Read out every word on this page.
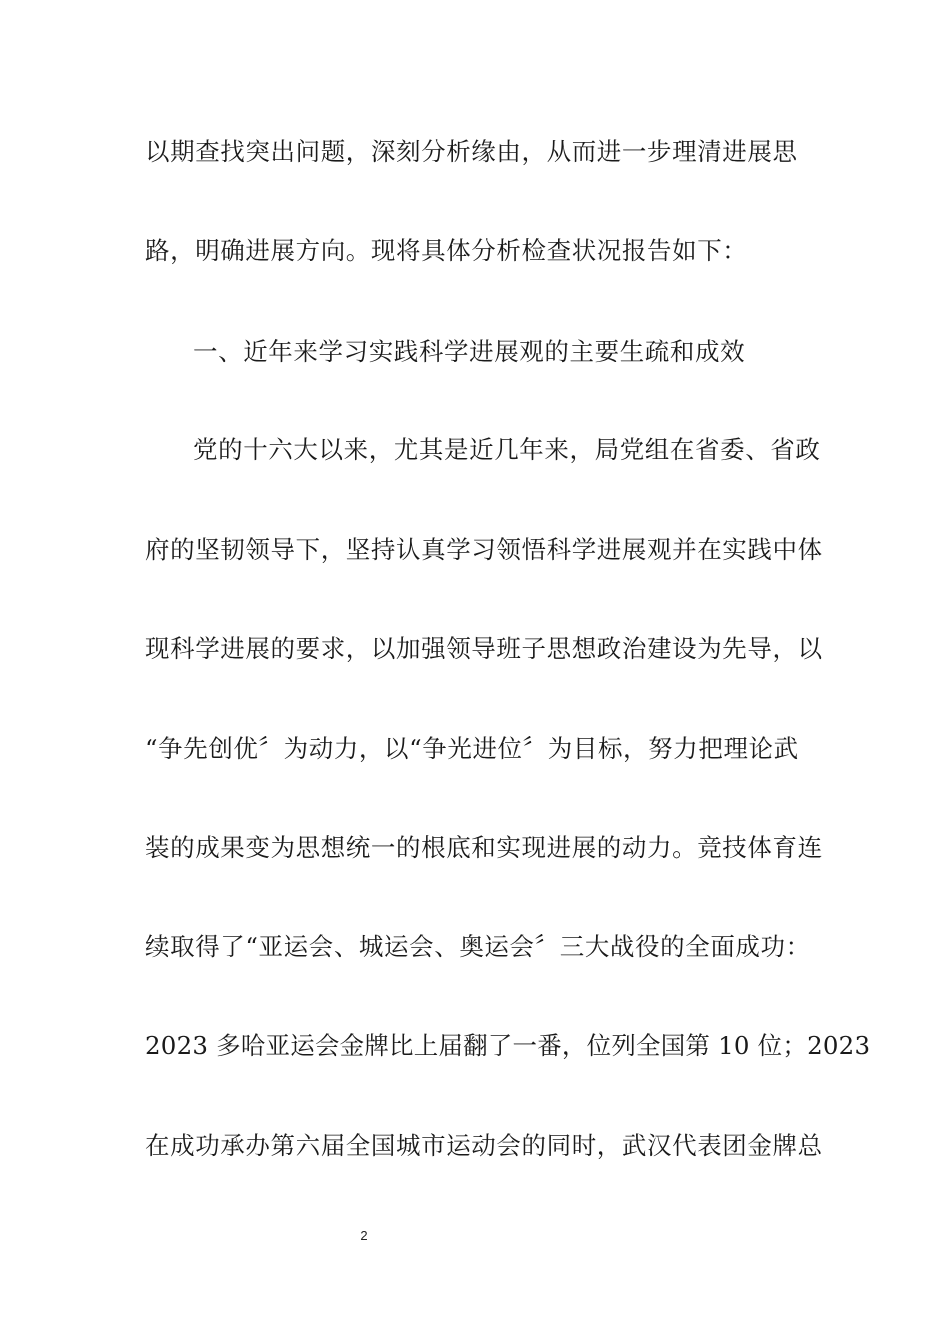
以期查找突出问题，深刻分析缘由，从而进一步理清进展思
路，明确进展方向。现将具体分析检查状况报告如下：
一、近年来学习实践科学进展观的主要生疏和成效
党的十六大以来，尤其是近几年来，局党组在省委、省政
府的坚韧领导下，坚持认真学习领悟科学进展观并在实践中体
现科学进展的要求，以加强领导班子思想政治建设为先导，以
“争先创优〞为动力，以“争光进位〞为目标，努力把理论武
装的成果变为思想统一的根底和实现进展的动力。竞技体育连
续取得了“亚运会、城运会、奥运会〞三大战役的全面成功：
2023 多哈亚运会金牌比上届翻了一番，位列全国第 10 位；2023
在成功承办第六届全国城市运动会的同时，武汉代表团金牌总
2
